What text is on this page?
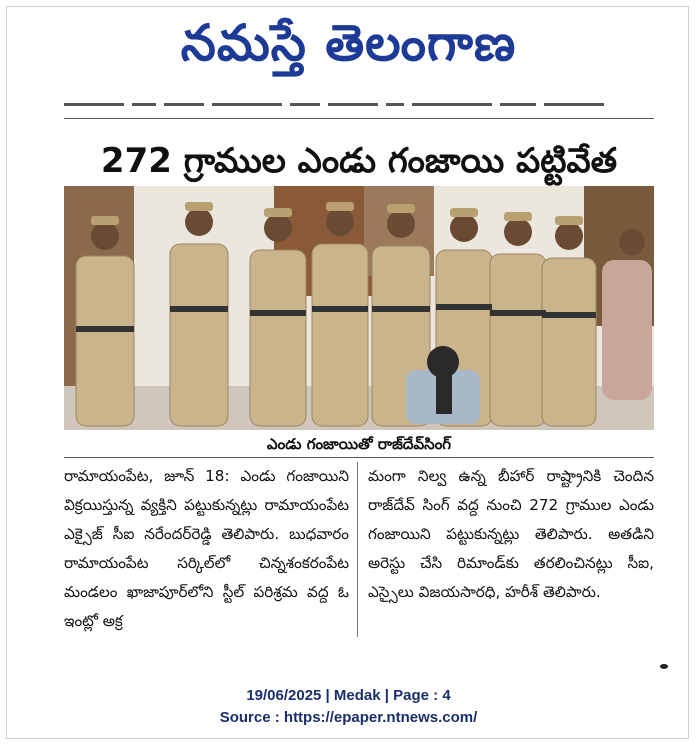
నమస్తే తెలంగాణ
272 గ్రాముల ఎండు గంజాయి పట్టివేత
ఎండు గంజాయితో రాజ్‌దేవ్‌సింగ్
రామాయంపేట, జూన్ 18: ఎండు గంజాయిని విక్రయిస్తున్న వ్యక్తిని పట్టుకున్నట్లు రామాయంపేట ఎక్సైజ్ సీఐ నరేందర్‌రెడ్డి తెలిపారు. బుధవారం రామాయంపేట సర్కిల్‌లో చిన్నశంకరంపేట మండలం ఖాజాపూర్‌లోని స్టీల్ పరిశ్రమ వద్ద ఓ ఇంట్లో అక్ర
మంగా నిల్వ ఉన్న బీహార్ రాష్ట్రానికి చెందిన రాజ్‌దేవ్ సింగ్ వద్ద నుంచి 272 గ్రాముల ఎండు గంజాయిని పట్టుకున్నట్లు తెలిపారు. అతడిని అరెస్టు చేసి రిమాండ్‌కు తరలించినట్లు సీఐ, ఎస్సైలు విజయసారధి, హరీశ్ తెలిపారు.
19/06/2025 | Medak | Page : 4
Source : https://epaper.ntnews.com/
